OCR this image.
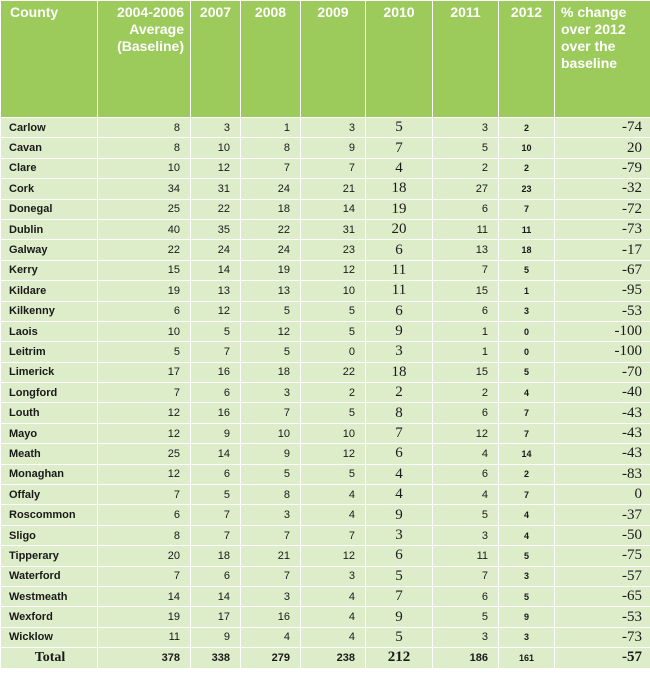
County	2004-2006 Average (Baseline)	2007	2008	2009	2010	2011	2012	% change over 2012 over the baseline
Carlow	8	3	1	3	5	3	2	-74
Cavan	8	10	8	9	7	5	10	20
Clare	10	12	7	7	4	2	2	-79
Cork	34	31	24	21	18	27	23	-32
Donegal	25	22	18	14	19	6	7	-72
Dublin	40	35	22	31	20	11	11	-73
Galway	22	24	24	23	6	13	18	-17
Kerry	15	14	19	12	11	7	5	-67
Kildare	19	13	13	10	11	15	1	-95
Kilkenny	6	12	5	5	6	6	3	-53
Laois	10	5	12	5	9	1	0	-100
Leitrim	5	7	5	0	3	1	0	-100
Limerick	17	16	18	22	18	15	5	-70
Longford	7	6	3	2	2	2	4	-40
Louth	12	16	7	5	8	6	7	-43
Mayo	12	9	10	10	7	12	7	-43
Meath	25	14	9	12	6	4	14	-43
Monaghan	12	6	5	5	4	6	2	-83
Offaly	7	5	8	4	4	4	7	0
Roscommon	6	7	3	4	9	5	4	-37
Sligo	8	7	7	7	3	3	4	-50
Tipperary	20	18	21	12	6	11	5	-75
Waterford	7	6	7	3	5	7	3	-57
Westmeath	14	14	3	4	7	6	5	-65
Wexford	19	17	16	4	9	5	9	-53
Wicklow	11	9	4	4	5	3	3	-73
Total	378	338	279	238	212	186	161	-57
